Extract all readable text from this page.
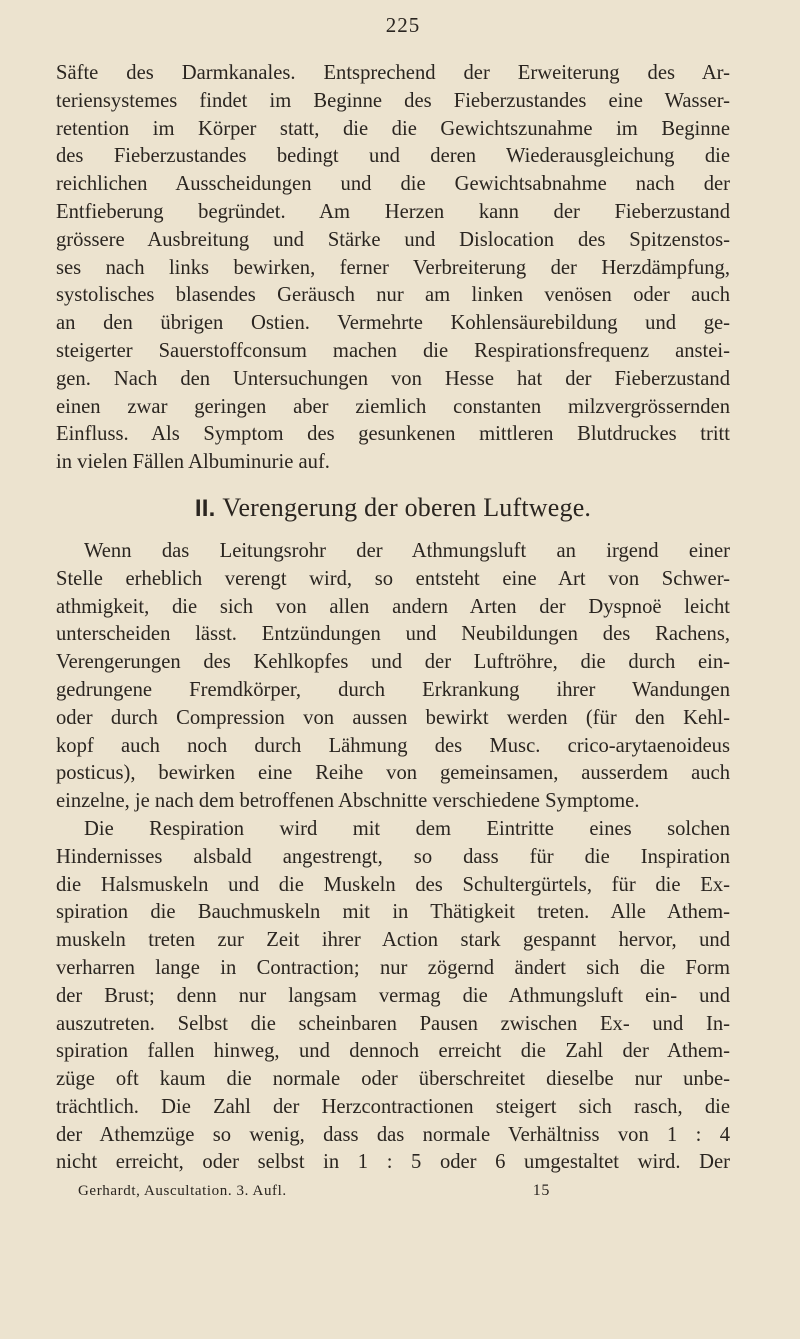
225
Säfte des Darmkanales. Entsprechend der Erweiterung des Ar-
teriensystemes findet im Beginne des Fieberzustandes eine Wasser-
retention im Körper statt, die die Gewichtszunahme im Beginne
des Fieberzustandes bedingt und deren Wiederausgleichung die
reichlichen Ausscheidungen und die Gewichtsabnahme nach der
Entfieberung begründet. Am Herzen kann der Fieberzustand
grössere Ausbreitung und Stärke und Dislocation des Spitzenstos-
ses nach links bewirken, ferner Verbreiterung der Herzdämpfung,
systolisches blasendes Geräusch nur am linken venösen oder auch
an den übrigen Ostien. Vermehrte Kohlensäurebildung und ge-
steigerter Sauerstoffconsum machen die Respirationsfrequenz anstei-
gen. Nach den Untersuchungen von Hesse hat der Fieberzustand
einen zwar geringen aber ziemlich constanten milzvergrössernden
Einfluss. Als Symptom des gesunkenen mittleren Blutdruckes tritt
in vielen Fällen Albuminurie auf.
II. Verengerung der oberen Luftwege.
Wenn das Leitungsrohr der Athmungsluft an irgend einer
Stelle erheblich verengt wird, so entsteht eine Art von Schwer-
athmigkeit, die sich von allen andern Arten der Dyspnoë leicht
unterscheiden lässt. Entzündungen und Neubildungen des Rachens,
Verengerungen des Kehlkopfes und der Luftröhre, die durch ein-
gedrungene Fremdkörper, durch Erkrankung ihrer Wandungen
oder durch Compression von aussen bewirkt werden (für den Kehl-
kopf auch noch durch Lähmung des Musc. crico-arytaenoideus
posticus), bewirken eine Reihe von gemeinsamen, ausserdem auch
einzelne, je nach dem betroffenen Abschnitte verschiedene Symptome.
Die Respiration wird mit dem Eintritte eines solchen
Hindernisses alsbald angestrengt, so dass für die Inspiration
die Halsmuskeln und die Muskeln des Schultergürtels, für die Ex-
spiration die Bauchmuskeln mit in Thätigkeit treten. Alle Athem-
muskeln treten zur Zeit ihrer Action stark gespannt hervor, und
verharren lange in Contraction; nur zögernd ändert sich die Form
der Brust; denn nur langsam vermag die Athmungsluft ein- und
auszutreten. Selbst die scheinbaren Pausen zwischen Ex- und In-
spiration fallen hinweg, und dennoch erreicht die Zahl der Athem-
züge oft kaum die normale oder überschreitet dieselbe nur unbe-
trächtlich. Die Zahl der Herzcontractionen steigert sich rasch, die
der Athemzüge so wenig, dass das normale Verhältniss von 1 : 4
nicht erreicht, oder selbst in 1 : 5 oder 6 umgestaltet wird. Der
Gerhardt, Auscultation. 3. Aufl.	15
